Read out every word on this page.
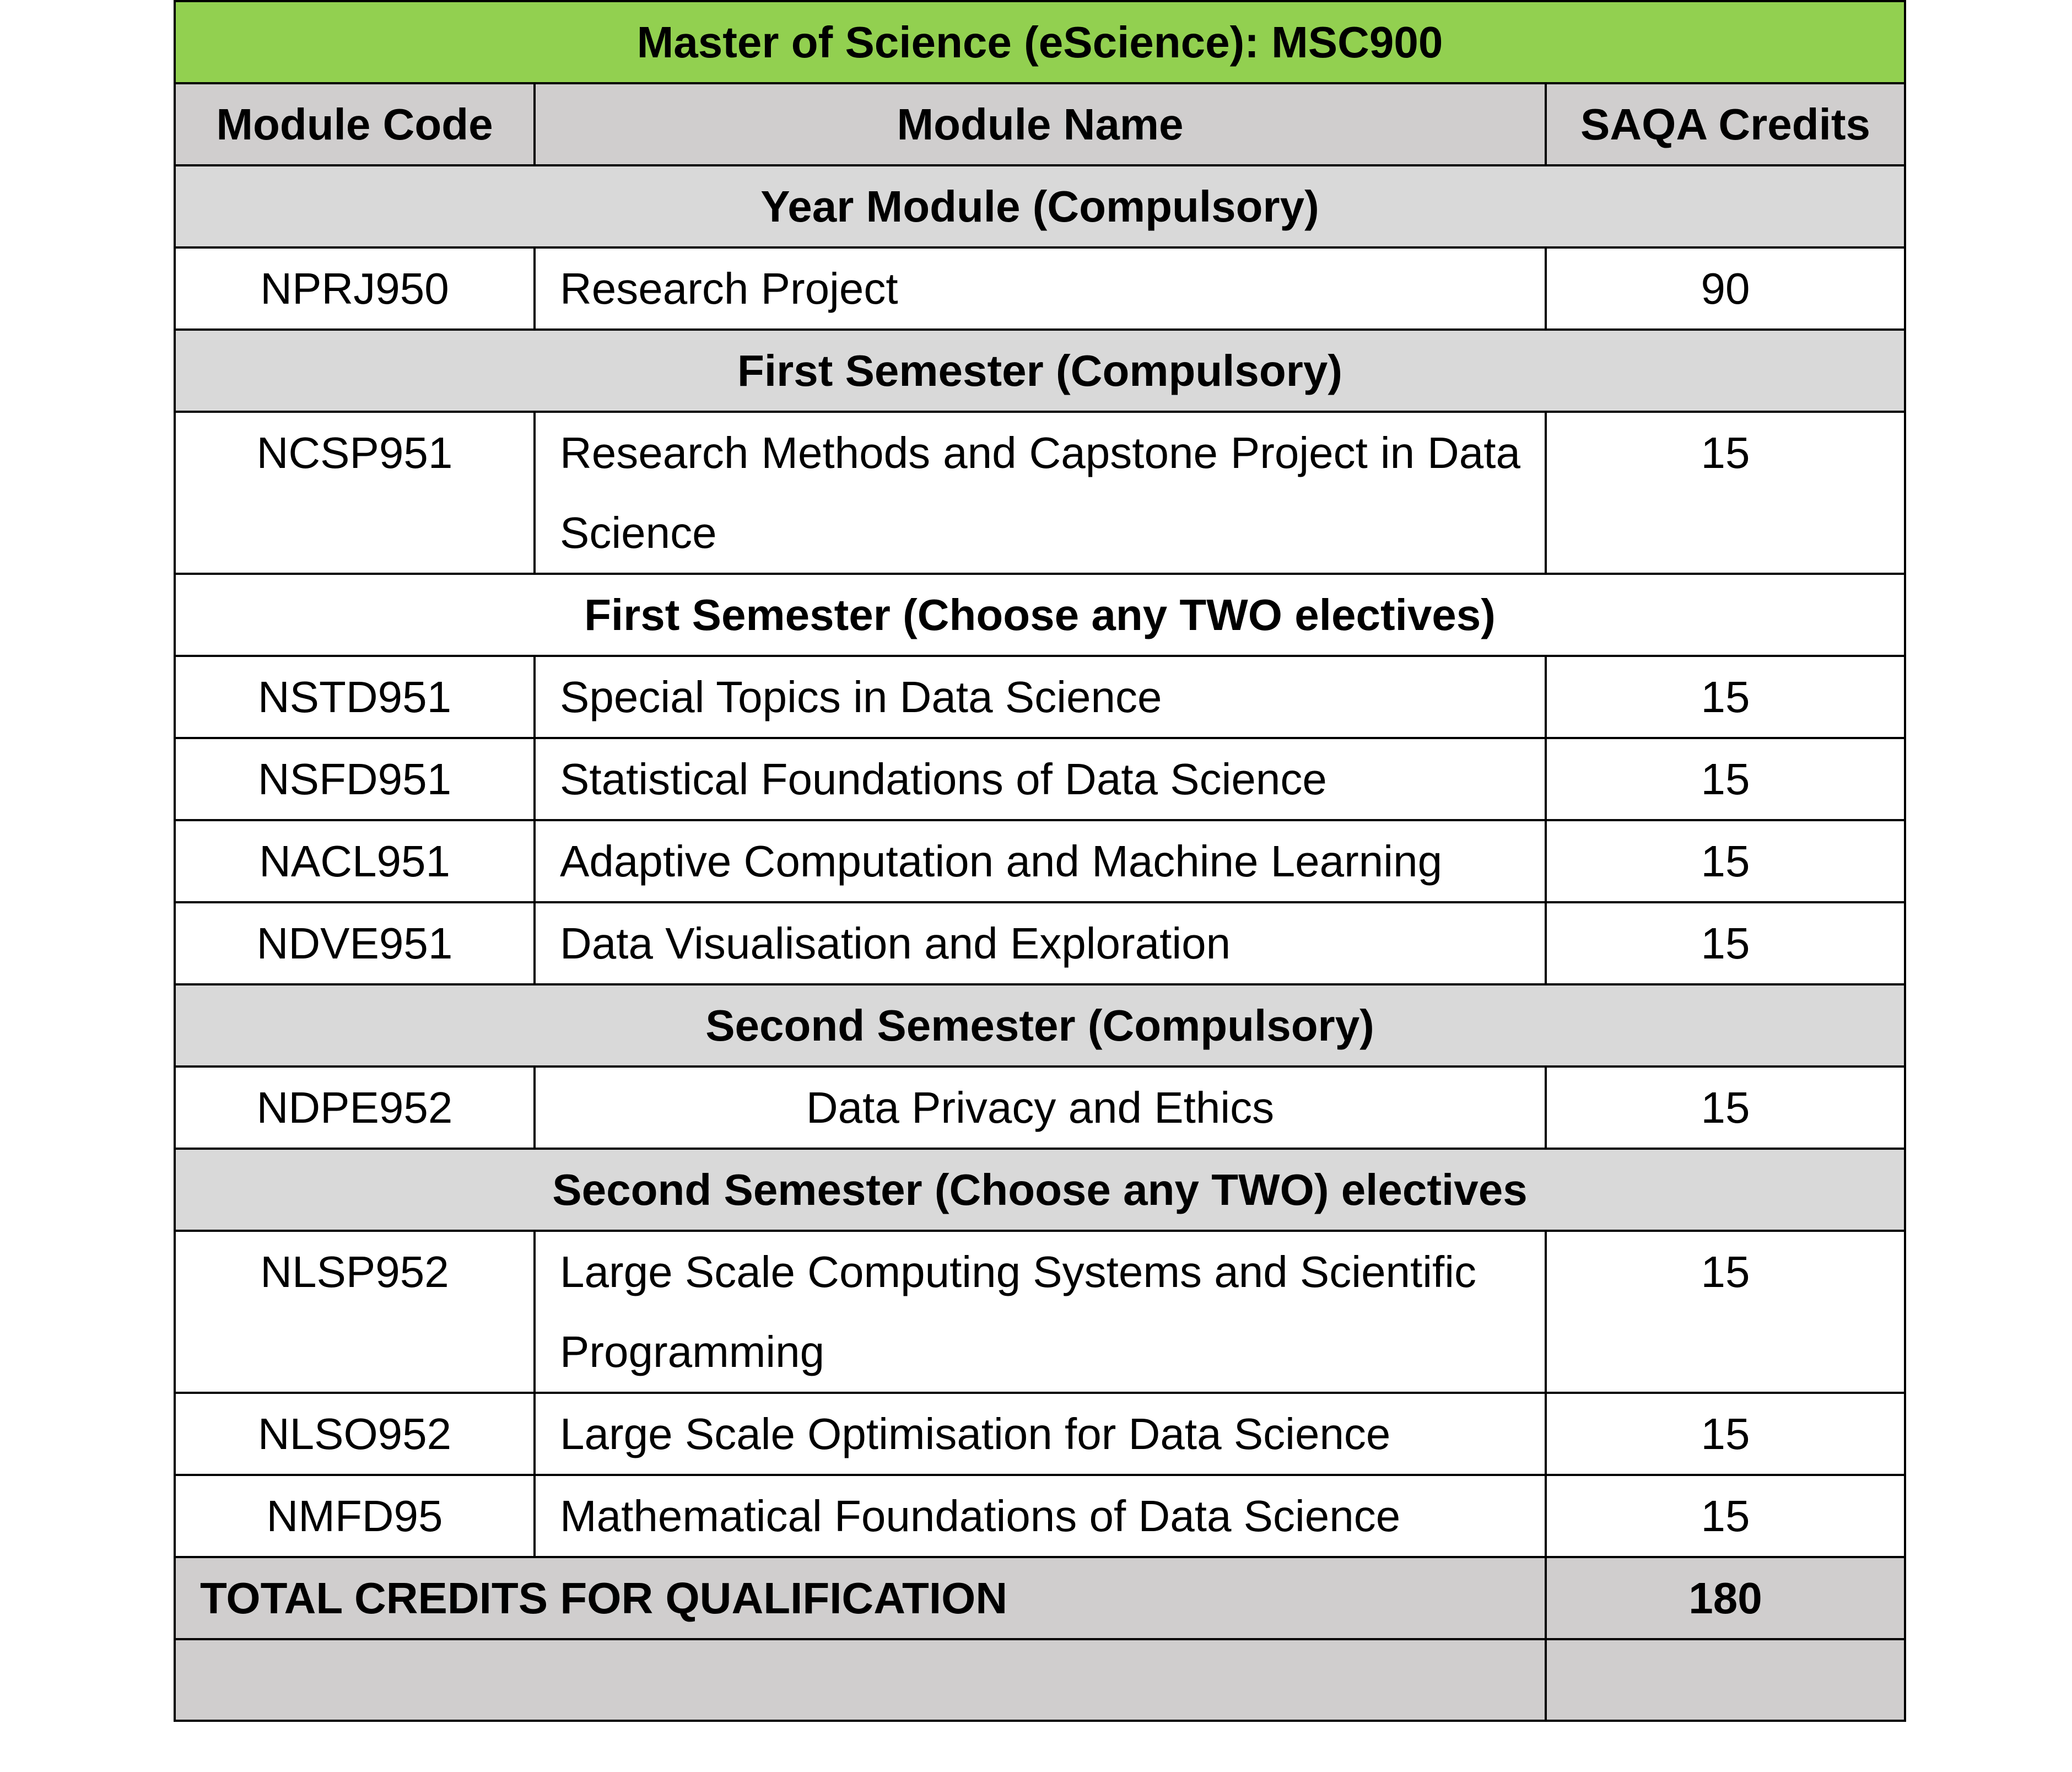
Master of Science (eScience): MSC900		
Module Code	Module Name	SAQA Credits
Year Module (Compulsory)		
NPRJ950	Research Project	90
First Semester (Compulsory)		
NCSP951	Research Methods and Capstone Project in Data Science	15
First Semester (Choose any TWO electives)		
NSTD951	Special Topics in Data Science	15
NSFD951	Statistical Foundations of Data Science	15
NACL951	Adaptive Computation and Machine Learning	15
NDVE951	Data Visualisation and Exploration	15
Second Semester (Compulsory)		
NDPE952	Data Privacy and Ethics	15
Second Semester (Choose any TWO) electives		
NLSP952	Large Scale Computing Systems and Scientific Programming	15
NLSO952	Large Scale Optimisation for Data Science	15
NMFD95	Mathematical Foundations of Data Science	15
TOTAL CREDITS FOR QUALIFICATION		180
